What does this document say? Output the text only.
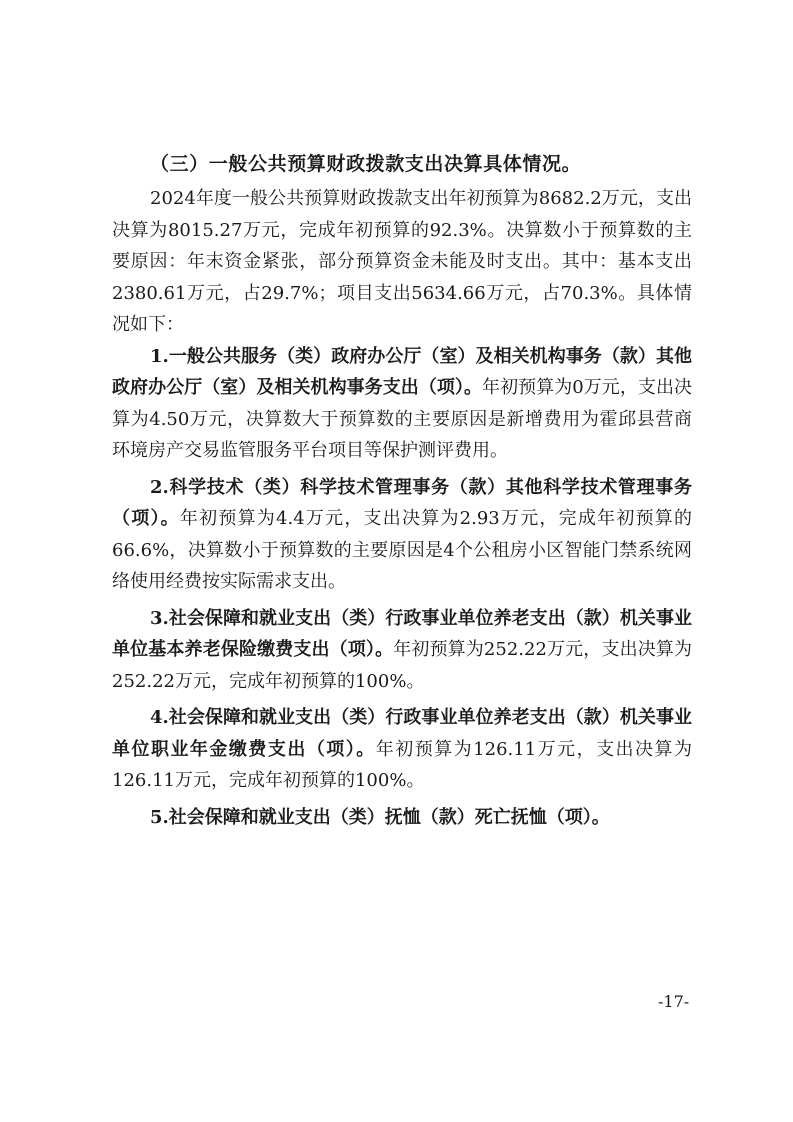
（三）一般公共预算财政拨款支出决算具体情况。

2024年度一般公共预算财政拨款支出年初预算为8682.2万元，支出决算为8015.27万元，完成年初预算的92.3%。决算数小于预算数的主要原因：年末资金紧张，部分预算资金未能及时支出。其中：基本支出2380.61万元，占29.7%；项目支出5634.66万元，占70.3%。具体情况如下：

1.一般公共服务（类）政府办公厅（室）及相关机构事务（款）其他政府办公厅（室）及相关机构事务支出（项）。年初预算为0万元，支出决算为4.50万元，决算数大于预算数的主要原因是新增费用为霍邱县营商环境房产交易监管服务平台项目等保护测评费用。

2.科学技术（类）科学技术管理事务（款）其他科学技术管理事务（项）。年初预算为4.4万元，支出决算为2.93万元，完成年初预算的66.6%，决算数小于预算数的主要原因是4个公租房小区智能门禁系统网络使用经费按实际需求支出。

3.社会保障和就业支出（类）行政事业单位养老支出（款）机关事业单位基本养老保险缴费支出（项）。年初预算为252.22万元，支出决算为252.22万元，完成年初预算的100%。

4.社会保障和就业支出（类）行政事业单位养老支出（款）机关事业单位职业年金缴费支出（项）。年初预算为126.11万元，支出决算为126.11万元，完成年初预算的100%。

5.社会保障和就业支出（类）抚恤（款）死亡抚恤（项）。

-17-
